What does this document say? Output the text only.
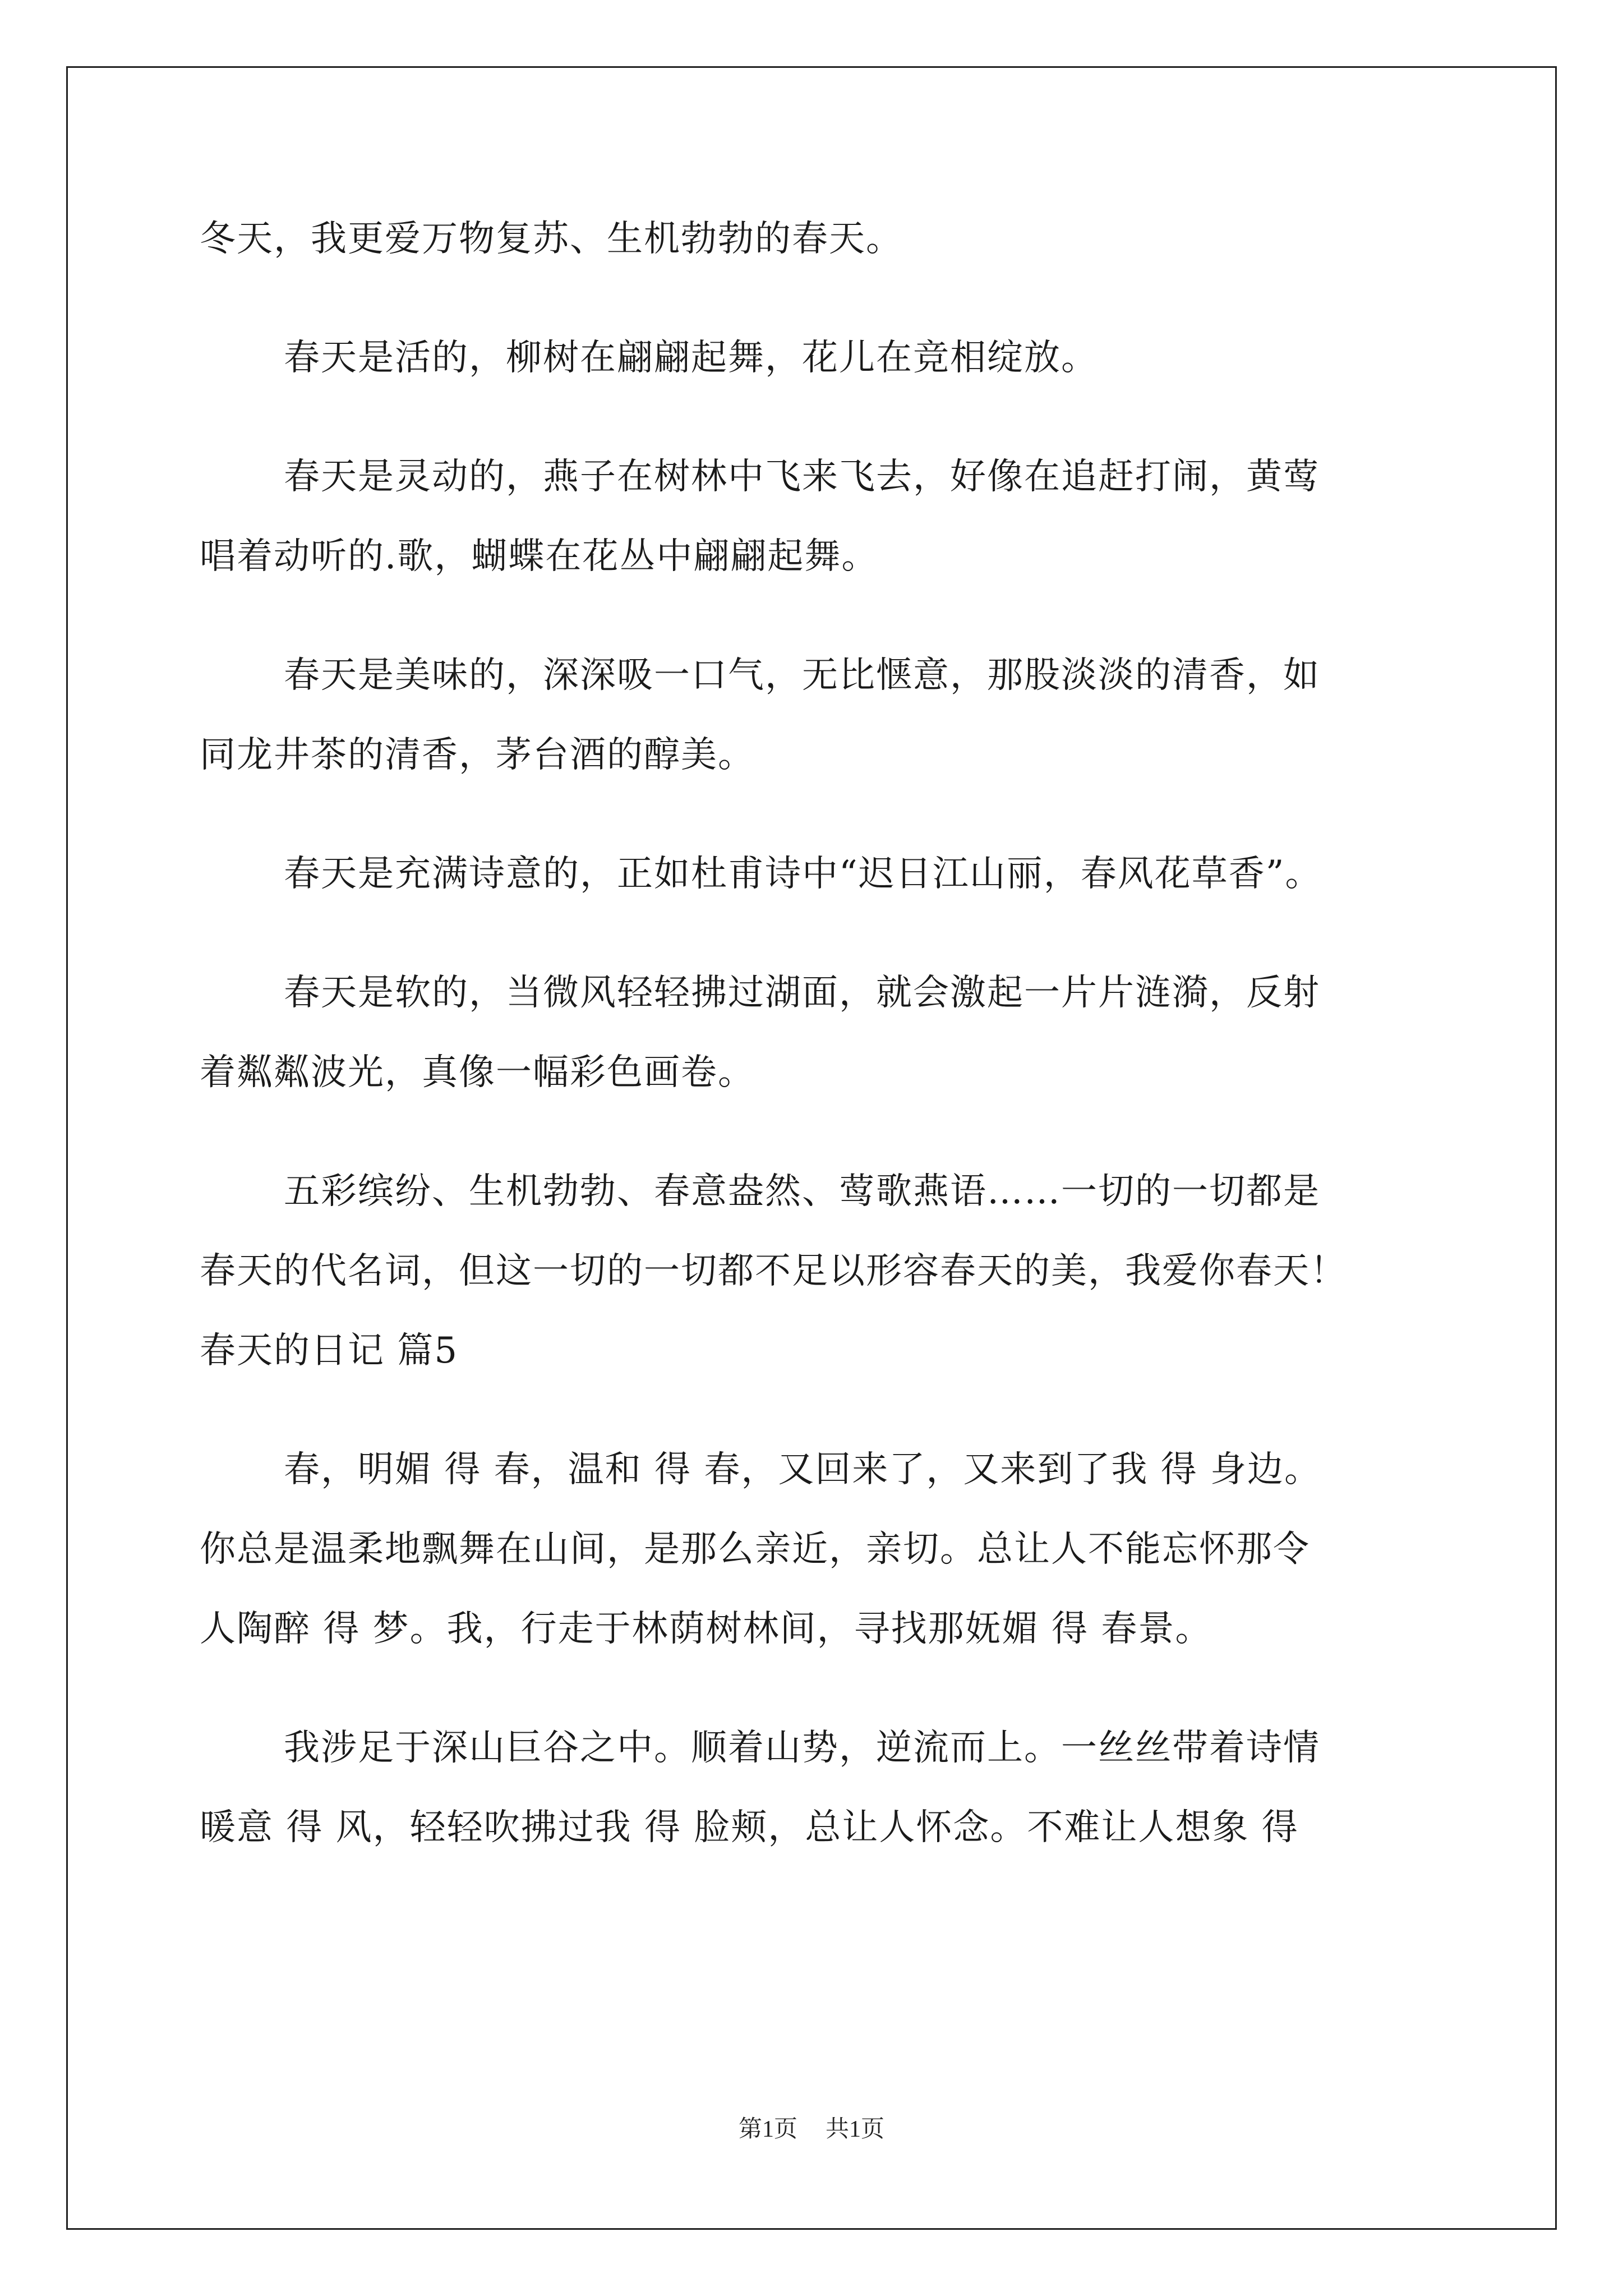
冬天，我更爱万物复苏、生机勃勃的春天。
春天是活的，柳树在翩翩起舞，花儿在竞相绽放。
春天是灵动的，燕子在树林中飞来飞去，好像在追赶打闹，黄莺
唱着动听的.歌，蝴蝶在花丛中翩翩起舞。
春天是美味的，深深吸一口气，无比惬意，那股淡淡的清香，如
同龙井茶的清香，茅台酒的醇美。
春天是充满诗意的，正如杜甫诗中“迟日江山丽，春风花草香”。
春天是软的，当微风轻轻拂过湖面，就会激起一片片涟漪，反射
着粼粼波光，真像一幅彩色画卷。
五彩缤纷、生机勃勃、春意盎然、莺歌燕语……一切的一切都是
春天的代名词，但这一切的一切都不足以形容春天的美，我爱你春天！
春天的日记 篇5
春，明媚 得 春，温和 得 春，又回来了，又来到了我 得 身边。
你总是温柔地飘舞在山间，是那么亲近，亲切。总让人不能忘怀那令
人陶醉 得 梦。我，行走于林荫树林间，寻找那妩媚 得 春景。
我涉足于深山巨谷之中。顺着山势，逆流而上。一丝丝带着诗情
暖意 得 风，轻轻吹拂过我 得 脸颊，总让人怀念。不难让人想象 得
第1页 共1页
